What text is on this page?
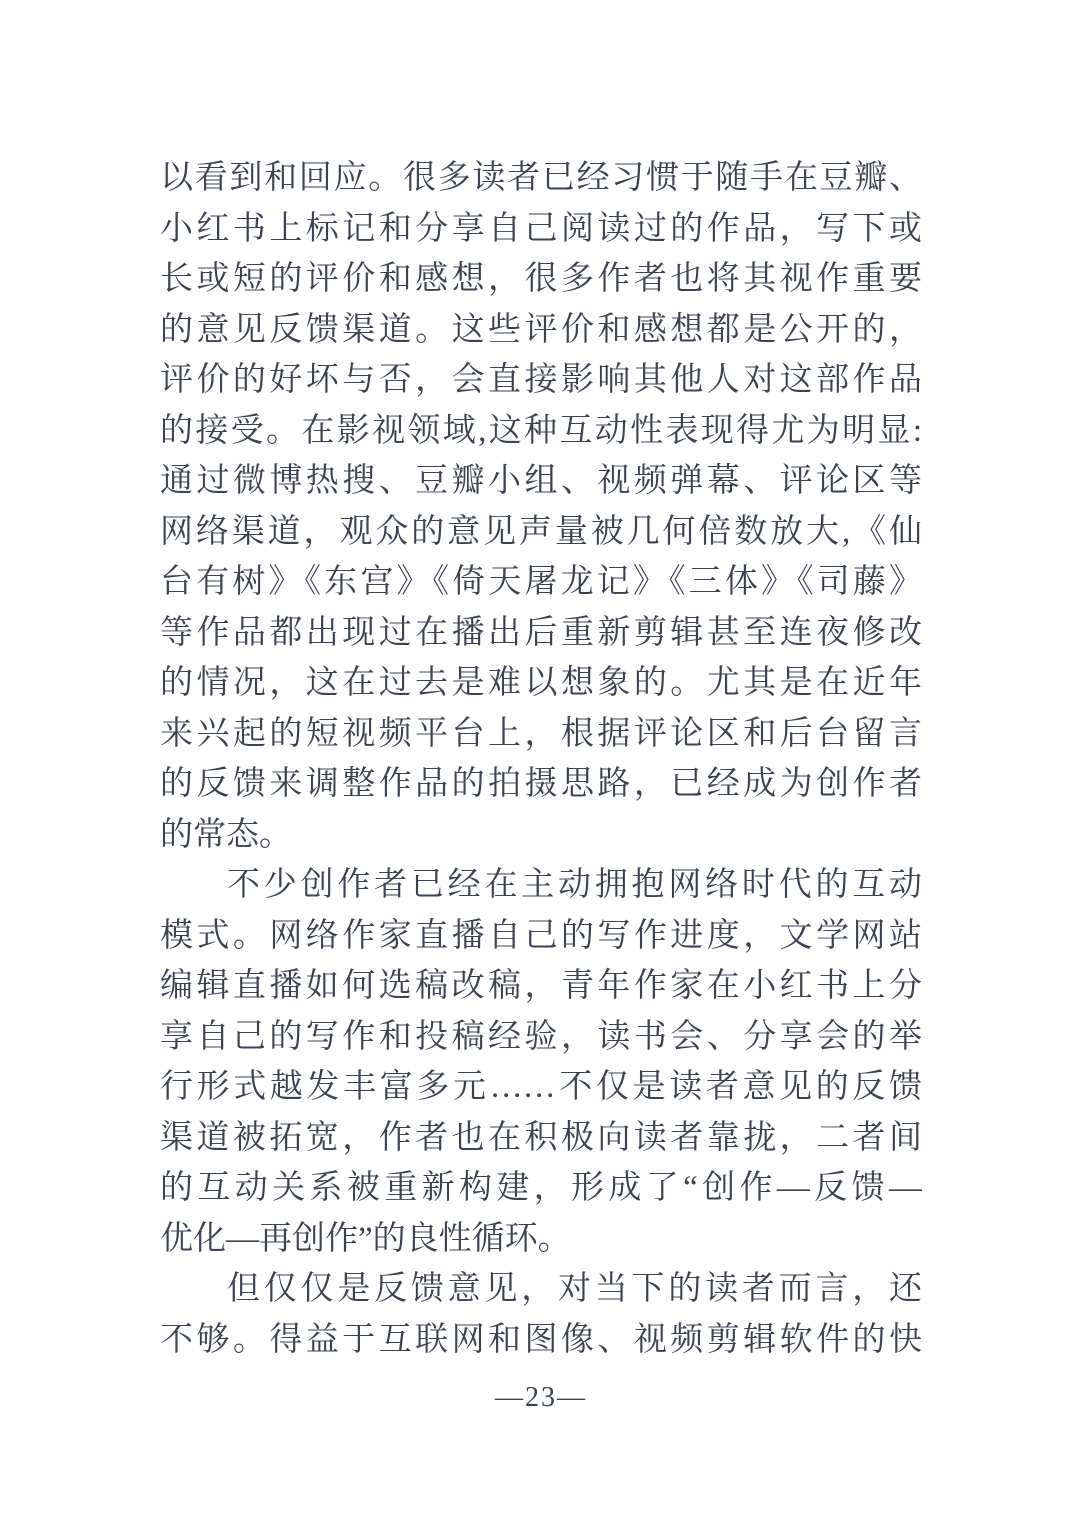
以看到和回应。很多读者已经习惯于随手在豆瓣、
小红书上标记和分享自己阅读过的作品，写下或
长或短的评价和感想，很多作者也将其视作重要
的意见反馈渠道。这些评价和感想都是公开的，
评价的好坏与否，会直接影响其他人对这部作品
的接受。在影视领域,这种互动性表现得尤为明显:
通过微博热搜、豆瓣小组、视频弹幕、评论区等
网络渠道，观众的意见声量被几何倍数放大,《仙
台有树》《东宫》《倚天屠龙记》《三体》《司藤》
等作品都出现过在播出后重新剪辑甚至连夜修改
的情况，这在过去是难以想象的。尤其是在近年
来兴起的短视频平台上，根据评论区和后台留言
的反馈来调整作品的拍摄思路，已经成为创作者
的常态。
不少创作者已经在主动拥抱网络时代的互动
模式。网络作家直播自己的写作进度，文学网站
编辑直播如何选稿改稿，青年作家在小红书上分
享自己的写作和投稿经验，读书会、分享会的举
行形式越发丰富多元……不仅是读者意见的反馈
渠道被拓宽，作者也在积极向读者靠拢，二者间
的互动关系被重新构建，形成了“创作—反馈—
优化—再创作”的良性循环。
但仅仅是反馈意见，对当下的读者而言，还
不够。得益于互联网和图像、视频剪辑软件的快
—23—
